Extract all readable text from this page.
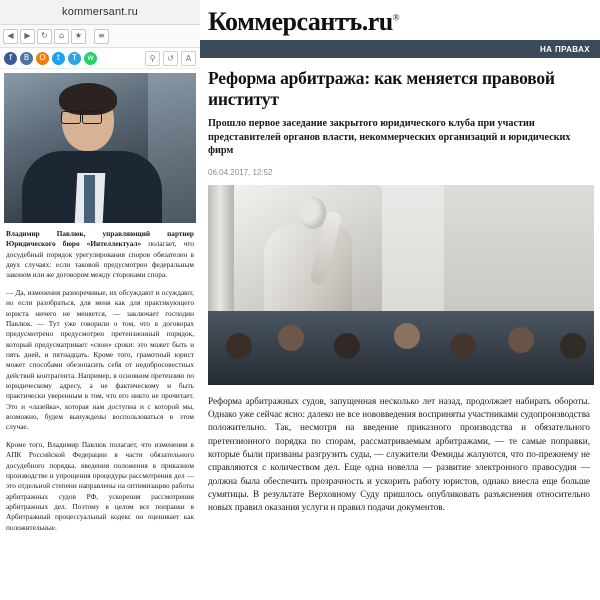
kommersant.ru
◀	▶	↻	⌂	★	≡
f	B	O	t	T	w	⚲	↺	A

Владимир Павлюк, управляющий партнер Юридического бюро «Интеллектуал» полагает, что досудебный порядок урегулирования споров обязателен в двух случаях: если таковой предусмотрен федеральным законом или же договором между сторонами спора.

— Да, изменения разноречивые, их обсуждают и осуждают, но если разобраться, для меня как для практикующего юриста ничего не меняется, — заключает господин Павлюк. — Тут уже говорили о том, что в договорах предусмотрено предусмотрен претензионный порядок, который предусматривает «свои» сроки: это может быть и пять дней, и пятнадцать. Кроме того, грамотный юрист может способами обезопасить себя от недобросовестных действий контрагента. Например, в основном претензию по юридическому адресу, а не фактическому и быть практически уверенным в том, что его никто не прочитает. Это и «лазейка», которая нам доступна и с которой мы, возможно, будем вынуждены воспользоваться в этом случае.

Кроме того, Владимир Павлюк полагает, что изменения в АПК Российской Федерации в части обязательного досудебного порядка, введения положения в приказном производстве и упрощения процедуры рассмотрения дел — это отдельной степени направлены на оптимизацию работы арбитражных судов РФ, ускорения рассмотрения арбитражных дел. Поэтому в целом все поправки в Арбитражный процессуальный кодекс он оценивает как положительные.

Коммерсантъ.ru®
НА ПРАВАХ
Реформа арбитража: как меняется правовой институт
Прошло первое заседание закрытого юридического клуба при участии представителей органов власти, некоммерческих организаций и юридических фирм
06.04.2017, 12:52

Реформа арбитражных судов, запущенная несколько лет назад, продолжает набирать обороты. Однако уже сейчас ясно: далеко не все нововведения восприняты участниками судопроизводства положительно. Так, несмотря на введение приказного производства и обязательного претензионного порядка по спорам, рассматриваемым арбитражами, — те самые поправки, которые были призваны разгрузить суды, — служители Фемиды жалуются, что по-прежнему не справляются с количеством дел. Еще одна новелла — развитие электронного правосудия — должна была обеспечить прозрачность и ускорить работу юристов, однако внесла еще больше сумятицы. В результате Верховному Суду пришлось опубликовать разъяснения относительно новых правил оказания услуги и правил подачи документов.
